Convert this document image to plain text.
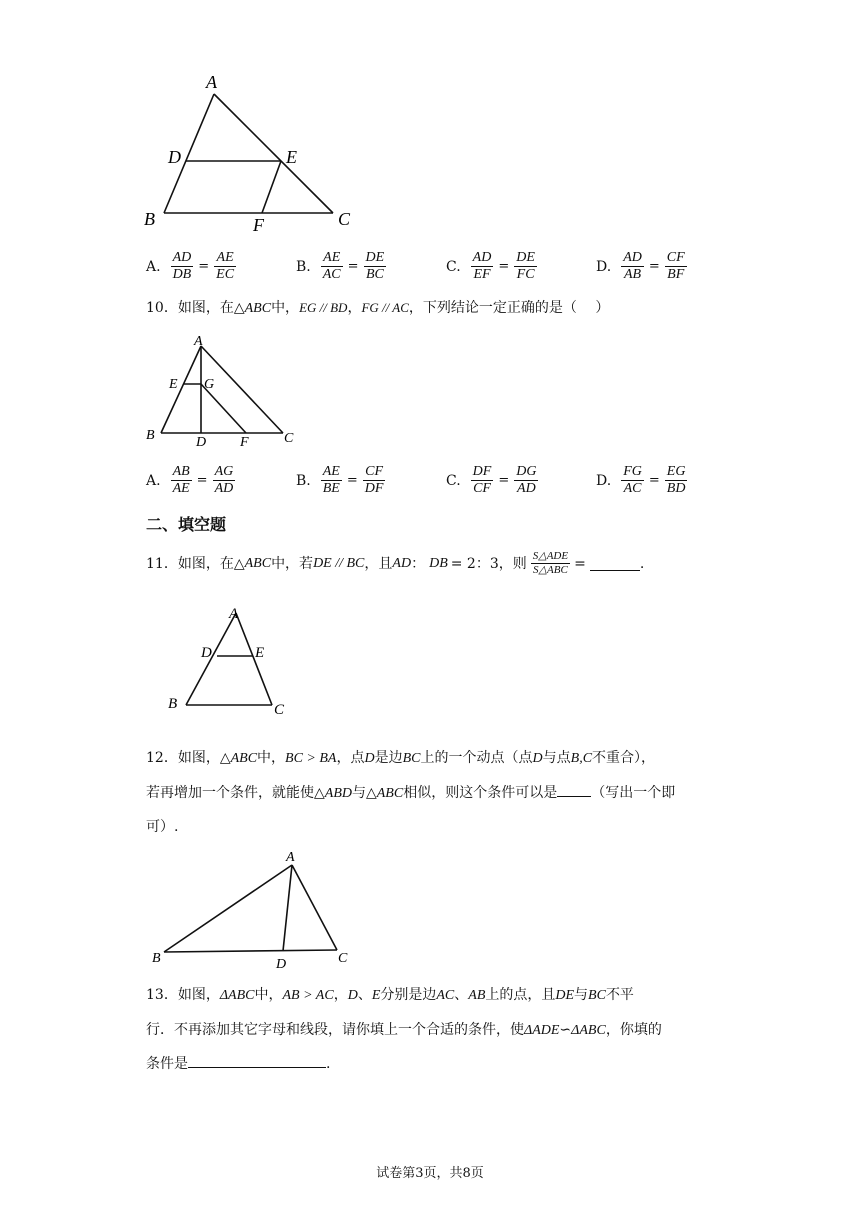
A
D	E
B	F	C
A. $\frac{AD}{DB} = \frac{AE}{EC}$	B. $\frac{AE}{AC} = \frac{DE}{BC}$	C. $\frac{AD}{EF} = \frac{DE}{FC}$	D. $\frac{AD}{AB} = \frac{CF}{BF}$
10．如图，在△ABC中，EG // BD，FG // AC，下列结论一定正确的是（　 ）
A
E G
B	D F	C
A. $\frac{AB}{AE} = \frac{AG}{AD}$	B. $\frac{AE}{BE} = \frac{CF}{DF}$	C. $\frac{DF}{CF} = \frac{DG}{AD}$	D. $\frac{FG}{AC} = \frac{EG}{BD}$
二、填空题
11． 如图，在 △ ABC 中，若 DE // BC ，且 AD ： DB = 2：3，则 $\frac{\text{S△ADE}}{\text{S△ABC}}$ =	.
A
D	E
B	C
12．如图，△ABC中，BC > BA，点D是边BC上的一个动点（点D与点B,C不重合），
若再增加一个条件，就能使△ABD与△ABC相似，则这个条件可以是 （写出一个即
可）.
A
B	D	C
13．如图，ΔABC中，AB > AC，D、E分别是边AC、AB上的点，且DE与BC不平
行．不再添加其它字母和线段，请你填上一个合适的条件，使ΔADE∽ΔABC，你填的
条件是	.
试卷第3页，共8页
